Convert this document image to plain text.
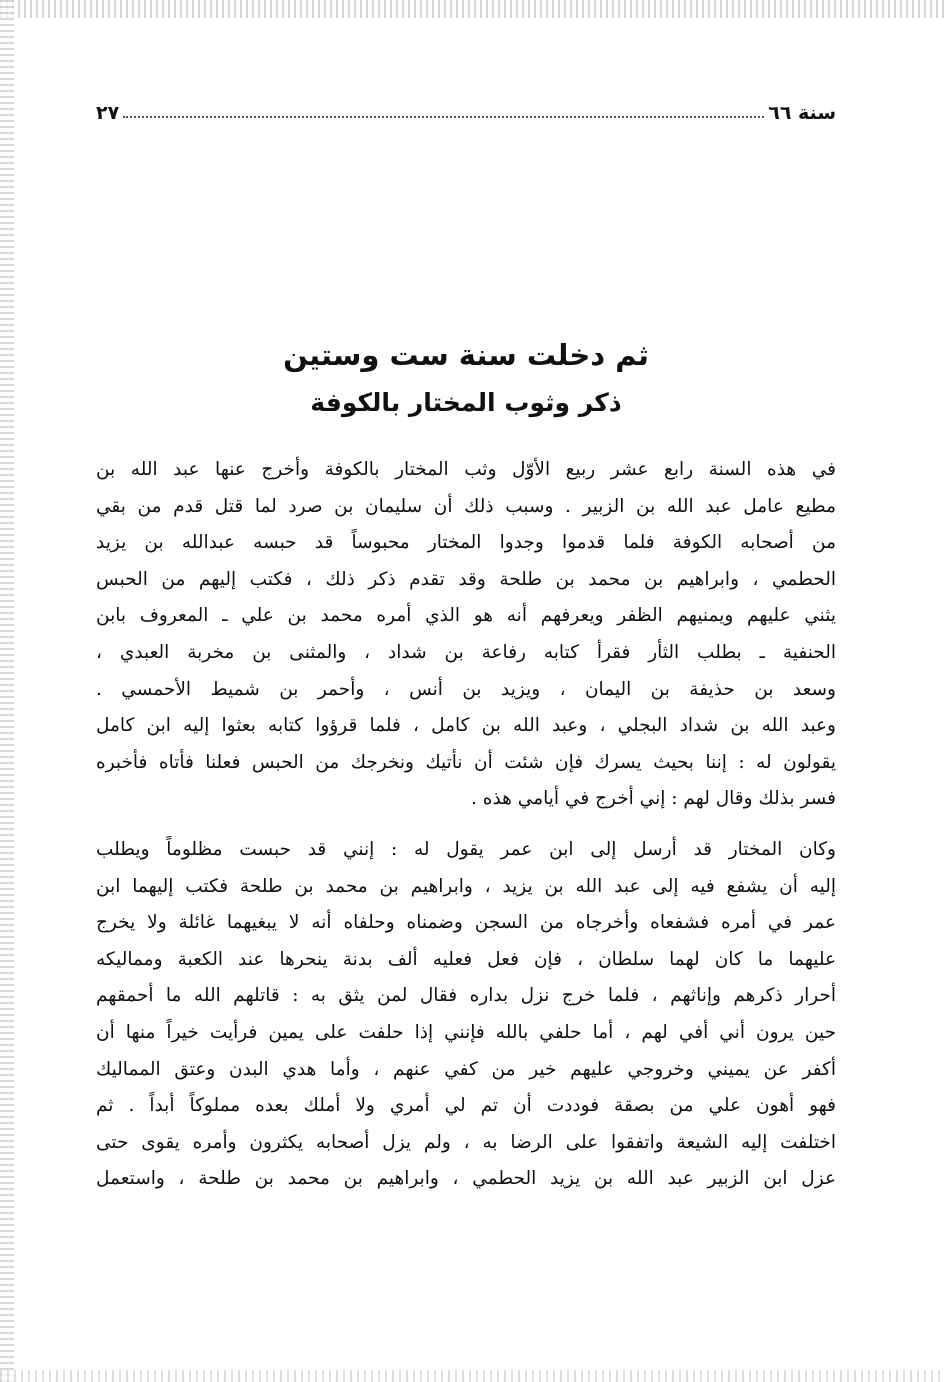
سنة ٦٦
٢٧
ثم دخلت سنة ست وستين
ذكر وثوب المختار بالكوفة
في هذه السنة رابع عشر ربيع الأوّل وثب المختار بالكوفة وأخرج عنها عبد الله بن
مطيع عامل عبد الله بن الزبير . وسبب ذلك أن سليمان بن صرد لما قتل قدم من بقي
من أصحابه الكوفة فلما قدموا وجدوا المختار محبوساً قد حبسه عبدالله بن يزيد
الحطمي ، وابراهيم بن محمد بن طلحة وقد تقدم ذكر ذلك ، فكتب إليهم من الحبس
يثني عليهم ويمنيهم الظفر ويعرفهم أنه هو الذي أمره محمد بن علي ـ المعروف بابن
الحنفية ـ بطلب الثأر فقرأ كتابه رفاعة بن شداد ، والمثنى بن مخربة العبدي ،
وسعد بن حذيفة بن اليمان ، ويزيد بن أنس ، وأحمر بن شميط الأحمسي .
وعبد الله بن شداد البجلي ، وعبد الله بن كامل ، فلما قرؤوا كتابه بعثوا إليه ابن كامل
يقولون له : إننا بحيث يسرك فإن شئت أن نأتيك ونخرجك من الحبس فعلنا فأتاه فأخبره
فسر بذلك وقال لهم : إني أخرج في أيامي هذه .
وكان المختار قد أرسل إلى ابن عمر يقول له : إنني قد حبست مظلوماً ويطلب
إليه أن يشفع فيه إلى عبد الله بن يزيد ، وابراهيم بن محمد بن طلحة فكتب إليهما ابن
عمر في أمره فشفعاه وأخرجاه من السجن وضمناه وحلفاه أنه لا يبغيهما غائلة ولا يخرج
عليهما ما كان لهما سلطان ، فإن فعل فعليه ألف بدنة ينحرها عند الكعبة ومماليكه
أحرار ذكرهم وإناثهم ، فلما خرج نزل بداره فقال لمن يثق به : قاتلهم الله ما أحمقهم
حين يرون أني أفي لهم ، أما حلفي بالله فإنني إذا حلفت على يمين فرأيت خيراً منها أن
أكفر عن يميني وخروجي عليهم خير من كفي عنهم ، وأما هدي البدن وعتق المماليك
فهو أهون علي من بصقة فوددت أن تم لي أمري ولا أملك بعده مملوكاً أبداً . ثم
اختلفت إليه الشيعة واتفقوا على الرضا به ، ولم يزل أصحابه يكثرون وأمره يقوى حتى
عزل ابن الزبير عبد الله بن يزيد الحطمي ، وابراهيم بن محمد بن طلحة ، واستعمل
